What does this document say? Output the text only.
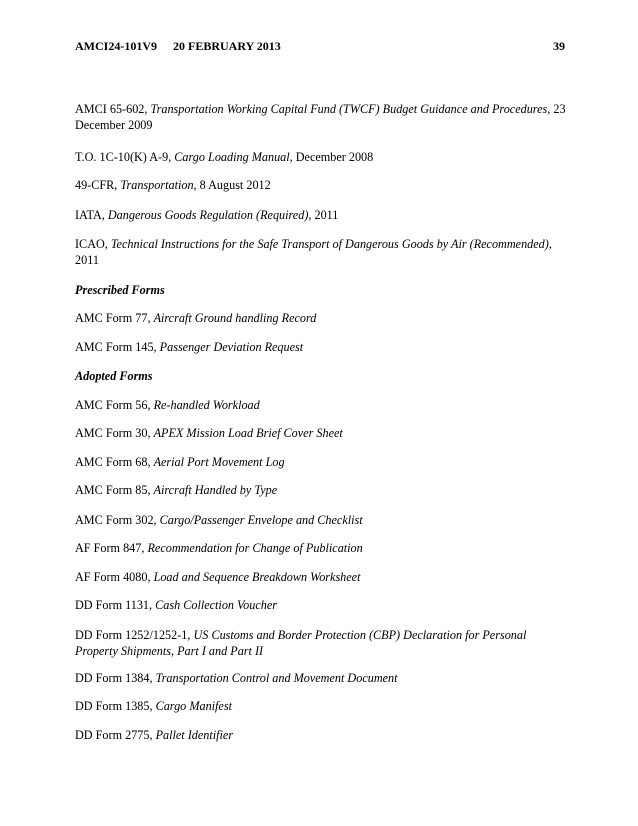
AMCI24-101V9 20 FEBRUARY 2013	39

AMCI 65-602, Transportation Working Capital Fund (TWCF) Budget Guidance and Procedures, 23 December 2009

T.O. 1C-10(K) A-9, Cargo Loading Manual, December 2008

49-CFR, Transportation, 8 August 2012

IATA, Dangerous Goods Regulation (Required), 2011

ICAO, Technical Instructions for the Safe Transport of Dangerous Goods by Air (Recommended), 2011

Prescribed Forms

AMC Form 77, Aircraft Ground handling Record

AMC Form 145, Passenger Deviation Request

Adopted Forms

AMC Form 56, Re-handled Workload

AMC Form 30, APEX Mission Load Brief Cover Sheet

AMC Form 68, Aerial Port Movement Log

AMC Form 85, Aircraft Handled by Type

AMC Form 302, Cargo/Passenger Envelope and Checklist

AF Form 847, Recommendation for Change of Publication

AF Form 4080, Load and Sequence Breakdown Worksheet

DD Form 1131, Cash Collection Voucher

DD Form 1252/1252-1, US Customs and Border Protection (CBP) Declaration for Personal Property Shipments, Part I and Part II

DD Form 1384, Transportation Control and Movement Document

DD Form 1385, Cargo Manifest

DD Form 2775, Pallet Identifier
